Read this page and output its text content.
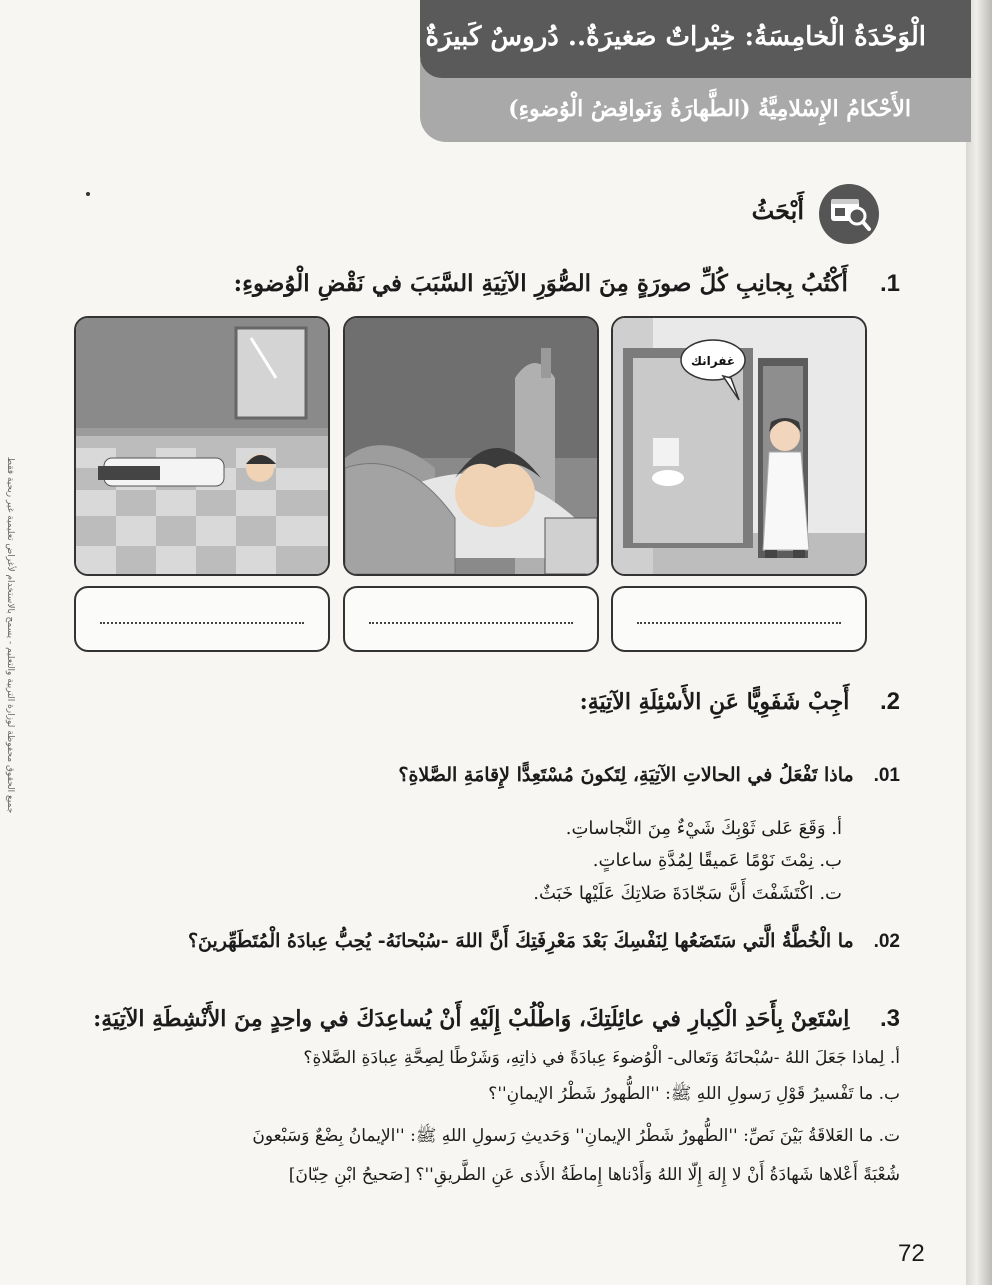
جميع الحقوق محفوظة لوزارة التربية والتعليم - يسمح بالاستخدام لأغراض تعليمية غير ربحية فقط
الْوَحْدَةُ الْخامِسَةُ: خِبْراتٌ صَغيرَةٌ.. دُروسٌ كَبيرَةٌ
الأَحْكامُ الإِسْلامِيَّةُ (الطَّهارَةُ وَنَواقِضُ الْوُضوءِ)
أَبْحَثُ
1.    أَكْتُبُ بِجانِبِ كُلِّ صورَةٍ مِنَ الصُّوَرِ الآتِيَةِ السَّبَبَ في نَقْضِ الْوُضوءِ:
غفرانك
2.    أَجِبْ شَفَوِيًّا عَنِ الأَسْئِلَةِ الآتِيَةِ:
01.   ماذا تَفْعَلُ في الحالاتِ الآتِيَةِ، لِتَكونَ مُسْتَعِدًّا لإِقامَةِ الصَّلاةِ؟
أ. وَقَعَ عَلى ثَوْبِكَ شَيْءٌ مِنَ النَّجاساتِ.
ب. نِمْتَ نَوْمًا عَميقًا لِمُدَّةِ ساعاتٍ.
ت. اكْتَشَفْتَ أَنَّ سَجّادَةَ صَلاتِكَ عَلَيْها خَبَثٌ.
02.   ما الْخُطَّةُ الَّتي سَتَضَعُها لِنَفْسِكَ بَعْدَ مَعْرِفَتِكَ أَنَّ اللهَ -سُبْحانَهُ- يُحِبُّ عِبادَهُ الْمُتَطَهِّرينَ؟
3.    اِسْتَعِنْ بِأَحَدِ الْكِبارِ في عائِلَتِكَ، وَاطْلُبْ إِلَيْهِ أَنْ يُساعِدَكَ في واحِدٍ مِنَ الأَنْشِطَةِ الآتِيَةِ:
أ. لِماذا جَعَلَ اللهُ -سُبْحانَهُ وَتَعالى- الْوُضوءَ عِبادَةً في ذاتِهِ، وَشَرْطًا لِصِحَّةِ عِبادَةِ الصَّلاةِ؟
ب. ما تَفْسيرُ قَوْلِ رَسولِ اللهِ ﷺ: ''الطُّهورُ شَطْرُ الإيمانِ''؟
ت. ما العَلاقَةُ بَيْنَ نَصِّ: ''الطُّهورُ شَطْرُ الإيمانِ'' وَحَديثِ رَسولِ اللهِ ﷺ: ''الإيمانُ بِضْعٌ وَسَبْعونَ
شُعْبَةً أَعْلاها شَهادَةُ أَنْ لا إِلهَ إِلّا اللهُ وَأَدْناها إِماطَةُ الأَذى عَنِ الطَّريقِ''؟ [صَحيحُ ابْنِ حِبّانَ]
72
